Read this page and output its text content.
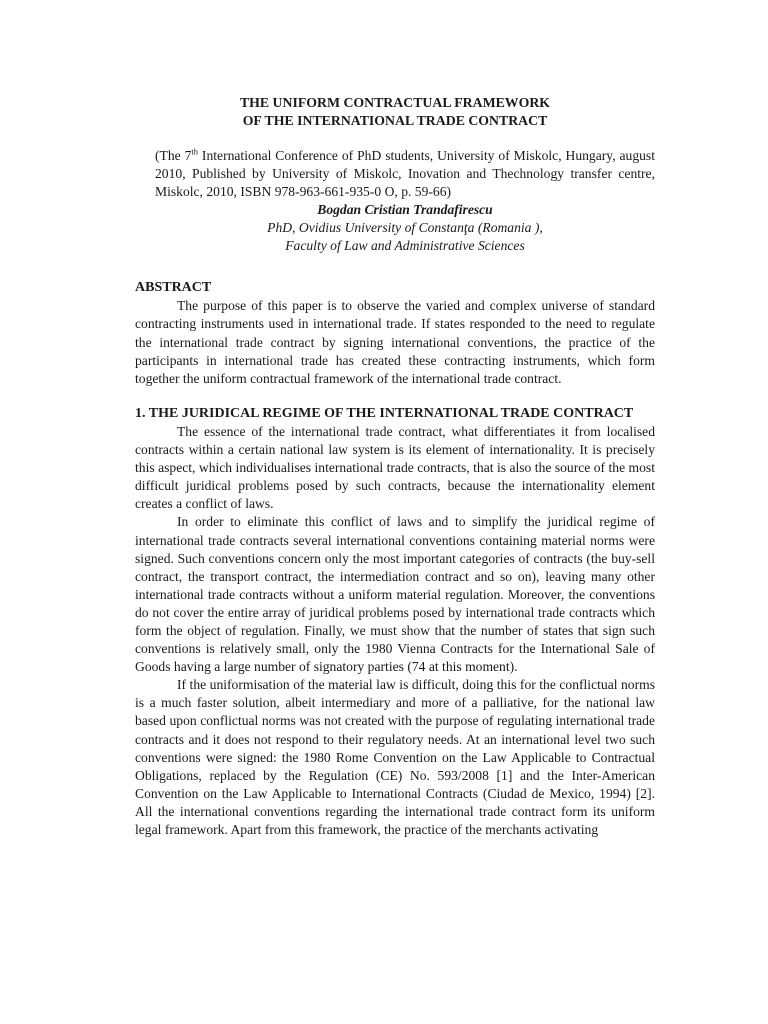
THE UNIFORM CONTRACTUAL FRAMEWORK

OF THE INTERNATIONAL TRADE CONTRACT

(The 7th International Conference of PhD students, University of Miskolc, Hungary, august 2010, Published by University of Miskolc, Inovation and Thechnology transfer centre, Miskolc, 2010, ISBN 978-963-661-935-0 O, p. 59-66)

Bogdan Cristian Trandafirescu

PhD, Ovidius University of Constanţa (Romania ),

Faculty of Law and Administrative Sciences

ABSTRACT

The purpose of this paper is to observe the varied and complex universe of standard contracting instruments used in international trade. If states responded to the need to regulate the international trade contract by signing international conventions, the practice of the participants in international trade has created these contracting instruments, which form together the uniform contractual framework of the international trade contract.

1. THE JURIDICAL REGIME OF THE INTERNATIONAL TRADE CONTRACT

The essence of the international trade contract, what differentiates it from localised contracts within a certain national law system is its element of internationality. It is precisely this aspect, which individualises international trade contracts, that is also the source of the most difficult juridical problems posed by such contracts, because the internationality element creates a conflict of laws.

In order to eliminate this conflict of laws and to simplify the juridical regime of international trade contracts several international conventions containing material norms were signed. Such conventions concern only the most important categories of contracts (the buy-sell contract, the transport contract, the intermediation contract and so on), leaving many other international trade contracts without a uniform material regulation. Moreover, the conventions do not cover the entire array of juridical problems posed by international trade contracts which form the object of regulation. Finally, we must show that the number of states that sign such conventions is relatively small, only the 1980 Vienna Contracts for the International Sale of Goods having a large number of signatory parties (74 at this moment).

If the uniformisation of the material law is difficult, doing this for the conflictual norms is a much faster solution, albeit intermediary and more of a palliative, for the national law based upon conflictual norms was not created with the purpose of regulating international trade contracts and it does not respond to their regulatory needs. At an international level two such conventions were signed: the 1980 Rome Convention on the Law Applicable to Contractual Obligations, replaced by the Regulation (CE) No. 593/2008 [1] and the Inter-American Convention on the Law Applicable to International Contracts (Ciudad de Mexico, 1994) [2]. All the international conventions regarding the international trade contract form its uniform legal framework. Apart from this framework, the practice of the merchants activating
